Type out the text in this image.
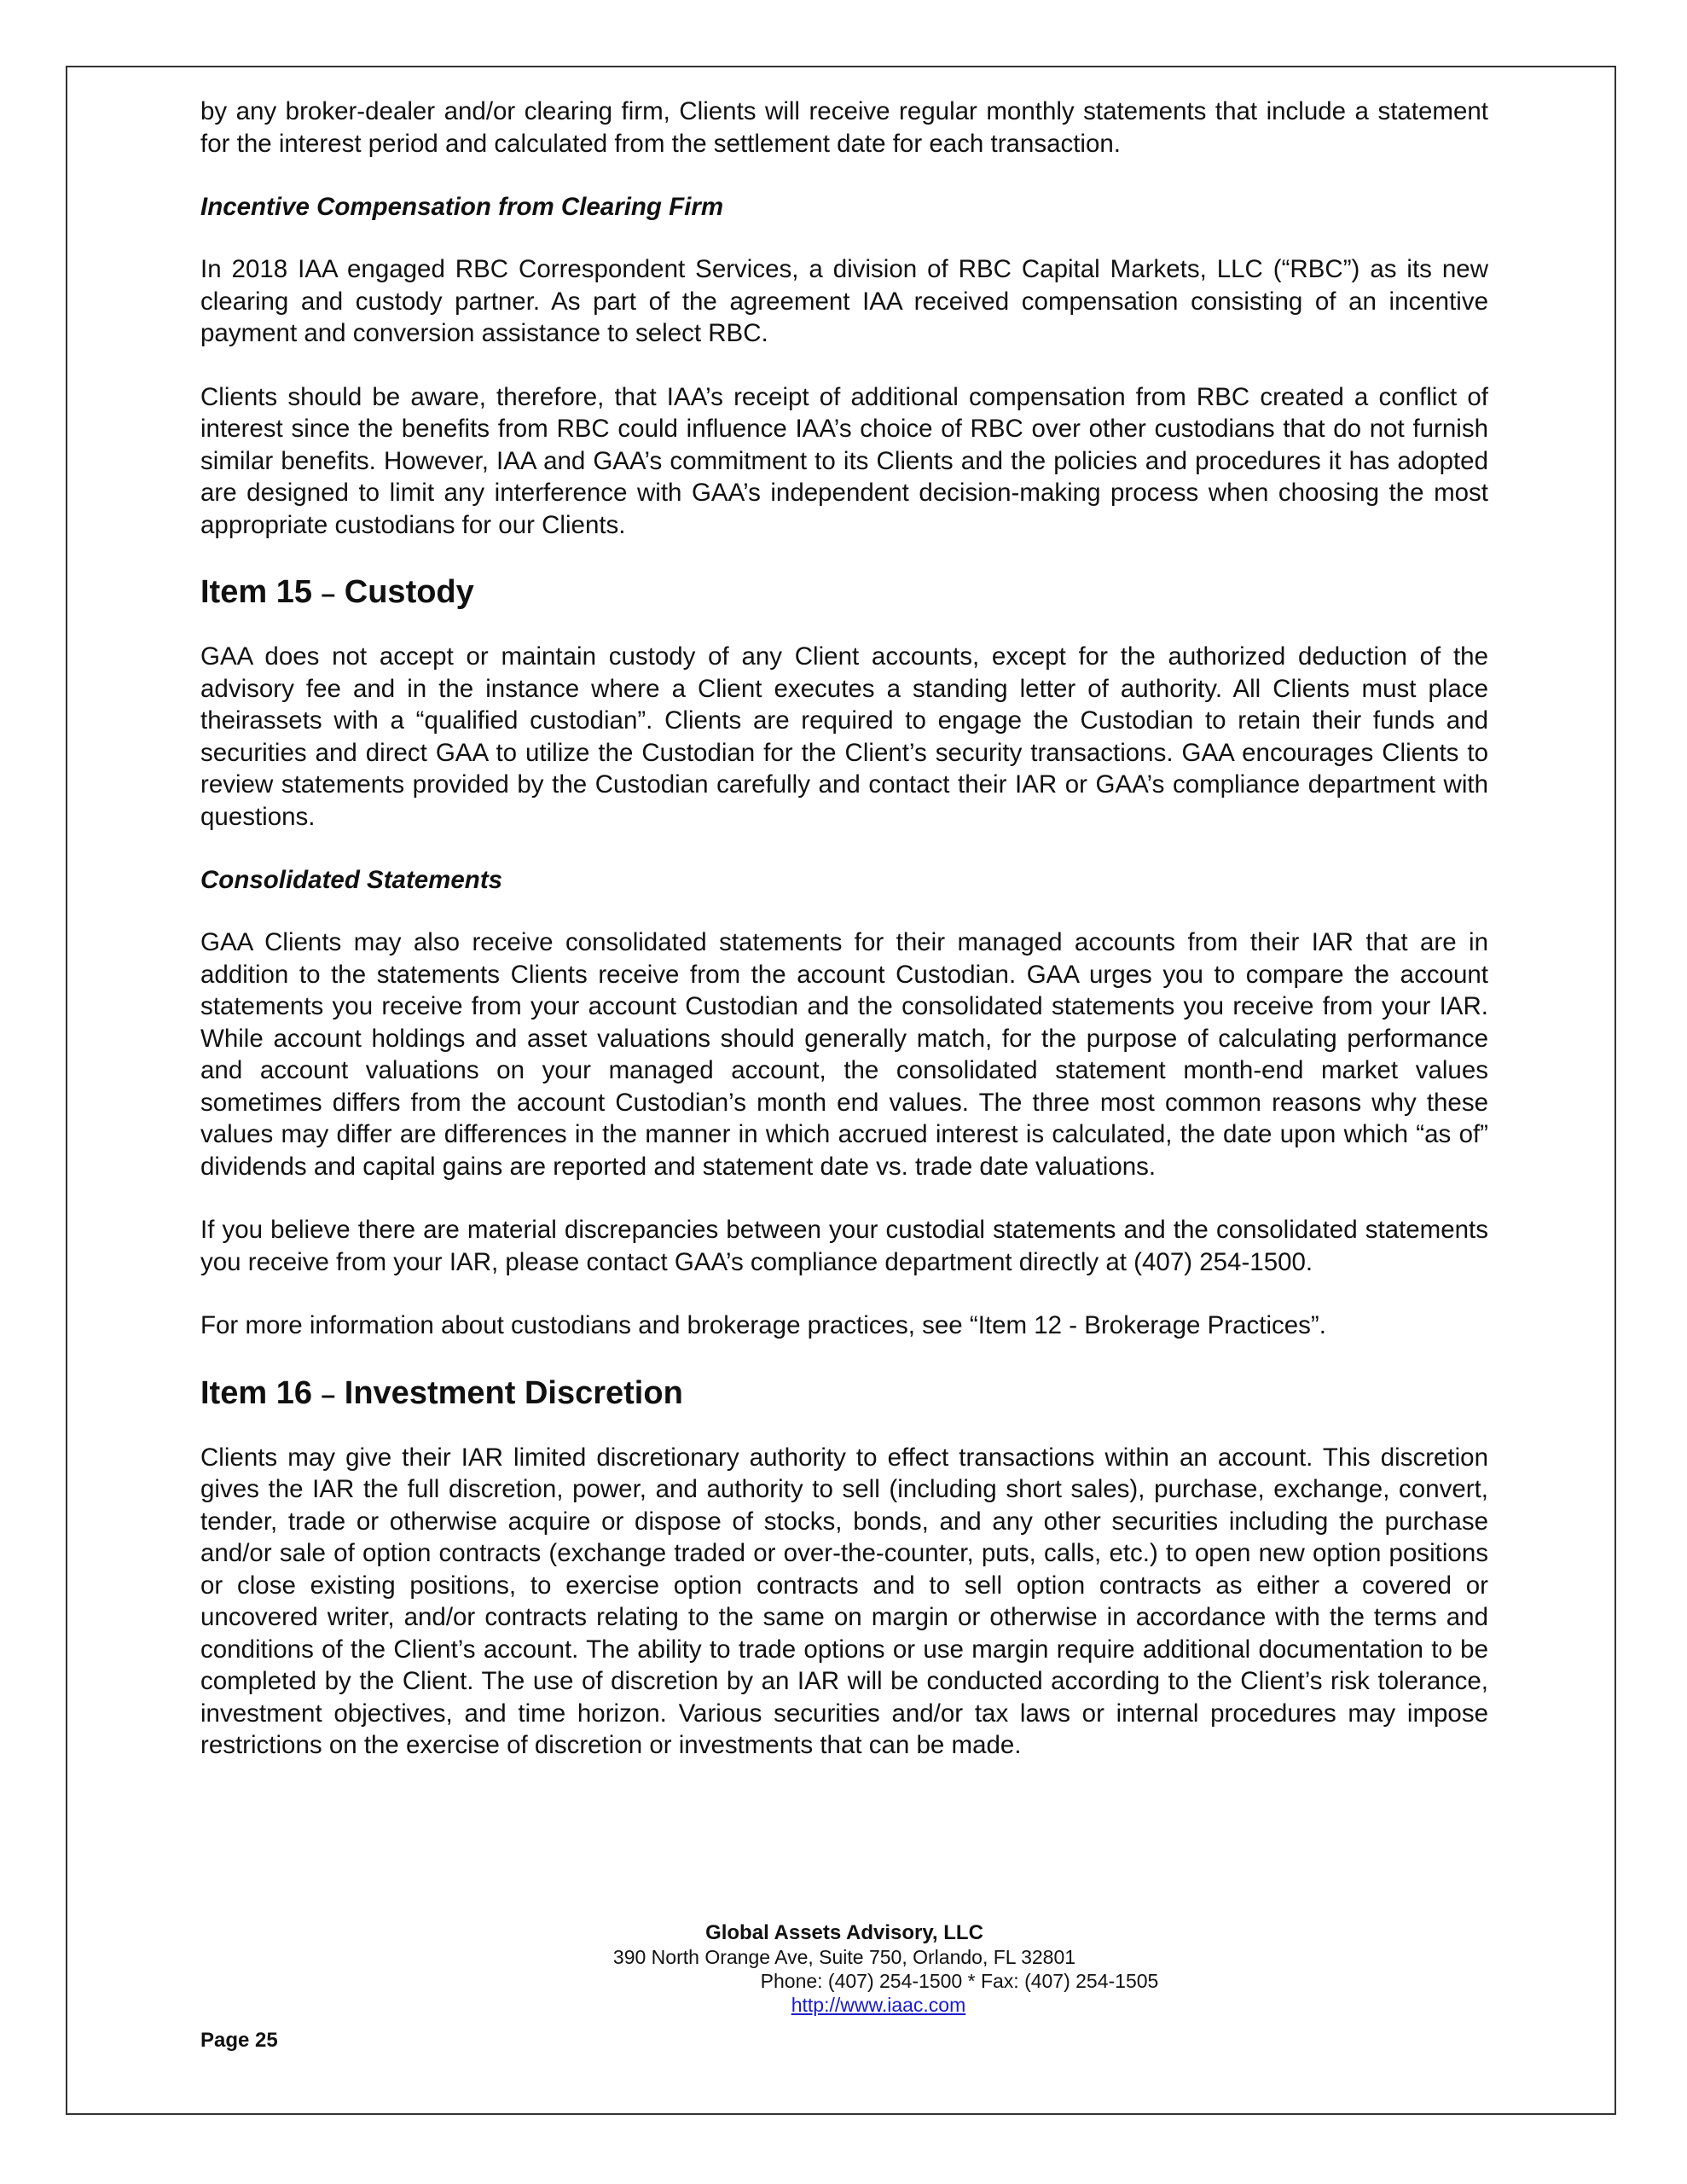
by any broker-dealer and/or clearing firm, Clients will receive regular monthly statements that include a statement for the interest period and calculated from the settlement date for each transaction.

Incentive Compensation from Clearing Firm

In 2018 IAA engaged RBC Correspondent Services, a division of RBC Capital Markets, LLC (“RBC”) as its new clearing and custody partner. As part of the agreement IAA received compensation consisting of an incentive payment and conversion assistance to select RBC.

Clients should be aware, therefore, that IAA’s receipt of additional compensation from RBC created a conflict of interest since the benefits from RBC could influence IAA’s choice of RBC over other custodians that do not furnish similar benefits. However, IAA and GAA’s commitment to its Clients and the policies and procedures it has adopted are designed to limit any interference with GAA’s independent decision-making process when choosing the most appropriate custodians for our Clients.

Item 15 – Custody

GAA does not accept or maintain custody of any Client accounts, except for the authorized deduction of the advisory fee and in the instance where a Client executes a standing letter of authority. All Clients must place theirassets with a “qualified custodian”. Clients are required to engage the Custodian to retain their funds and securities and direct GAA to utilize the Custodian for the Client’s security transactions. GAA encourages Clients to review statements provided by the Custodian carefully and contact their IAR or GAA’s compliance department with questions.

Consolidated Statements

GAA Clients may also receive consolidated statements for their managed accounts from their IAR that are in addition to the statements Clients receive from the account Custodian. GAA urges you to compare the account statements you receive from your account Custodian and the consolidated statements you receive from your IAR. While account holdings and asset valuations should generally match, for the purpose of calculating performance and account valuations on your managed account, the consolidated statement month-end market values sometimes differs from the account Custodian’s month end values. The three most common reasons why these values may differ are differences in the manner in which accrued interest is calculated, the date upon which “as of” dividends and capital gains are reported and statement date vs. trade date valuations.

If you believe there are material discrepancies between your custodial statements and the consolidated statements you receive from your IAR, please contact GAA’s compliance department directly at (407) 254-1500.

For more information about custodians and brokerage practices, see “Item 12 - Brokerage Practices”.

Item 16 – Investment Discretion

Clients may give their IAR limited discretionary authority to effect transactions within an account. This discretion gives the IAR the full discretion, power, and authority to sell (including short sales), purchase, exchange, convert, tender, trade or otherwise acquire or dispose of stocks, bonds, and any other securities including the purchase and/or sale of option contracts (exchange traded or over-the-counter, puts, calls, etc.) to open new option positions or close existing positions, to exercise option contracts and to sell option contracts as either a covered or uncovered writer, and/or contracts relating to the same on margin or otherwise in accordance with the terms and conditions of the Client’s account. The ability to trade options or use margin require additional documentation to be completed by the Client. The use of discretion by an IAR will be conducted according to the Client’s risk tolerance, investment objectives, and time horizon. Various securities and/or tax laws or internal procedures may impose restrictions on the exercise of discretion or investments that can be made.

Global Assets Advisory, LLC
390 North Orange Ave, Suite 750, Orlando, FL 32801
Phone: (407) 254-1500 * Fax: (407) 254-1505
http://www.iaac.com
Page 25
